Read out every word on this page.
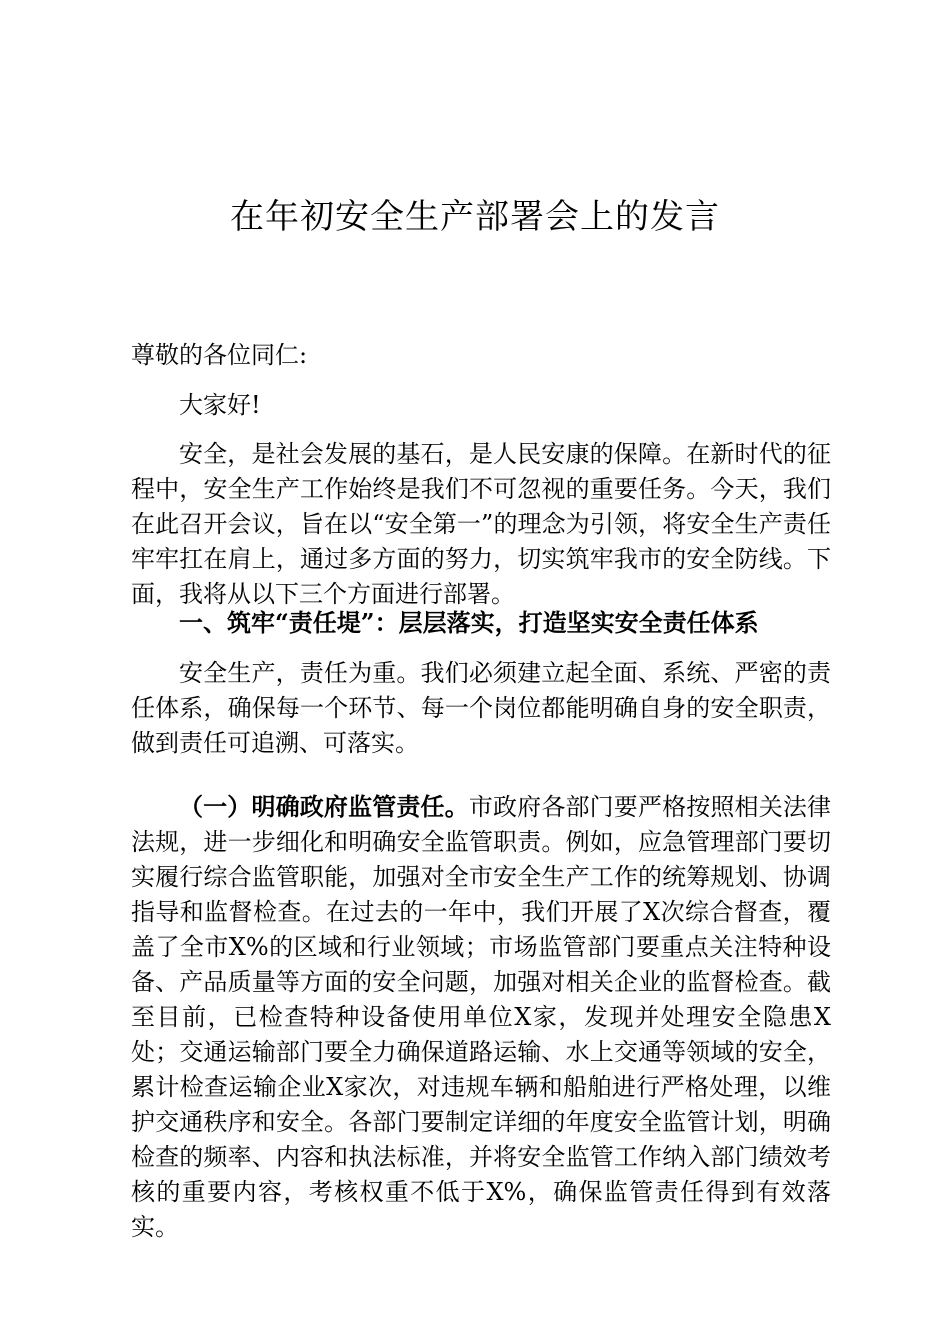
在年初安全生产部署会上的发言

尊敬的各位同仁:

大家好!

安全，是社会发展的基石，是人民安康的保障。在新时代的征程中，安全生产工作始终是我们不可忽视的重要任务。今天，我们在此召开会议，旨在以“安全第一”的理念为引领，将安全生产责任牢牢扛在肩上，通过多方面的努力，切实筑牢我市的安全防线。下面，我将从以下三个方面进行部署。

一、筑牢“责任堤”：层层落实，打造坚实安全责任体系

安全生产，责任为重。我们必须建立起全面、系统、严密的责任体系，确保每一个环节、每一个岗位都能明确自身的安全职责，做到责任可追溯、可落实。

（一）明确政府监管责任。市政府各部门要严格按照相关法律法规，进一步细化和明确安全监管职责。例如，应急管理部门要切实履行综合监管职能，加强对全市安全生产工作的统筹规划、协调指导和监督检查。在过去的一年中，我们开展了X次综合督查，覆盖了全市X%的区域和行业领域；市场监管部门要重点关注特种设备、产品质量等方面的安全问题，加强对相关企业的监督检查。截至目前，已检查特种设备使用单位X家，发现并处理安全隐患X处；交通运输部门要全力确保道路运输、水上交通等领域的安全，累计检查运输企业X家次，对违规车辆和船舶进行严格处理，以维护交通秩序和安全。各部门要制定详细的年度安全监管计划，明确检查的频率、内容和执法标准，并将安全监管工作纳入部门绩效考核的重要内容，考核权重不低于X%，确保监管责任得到有效落实。
